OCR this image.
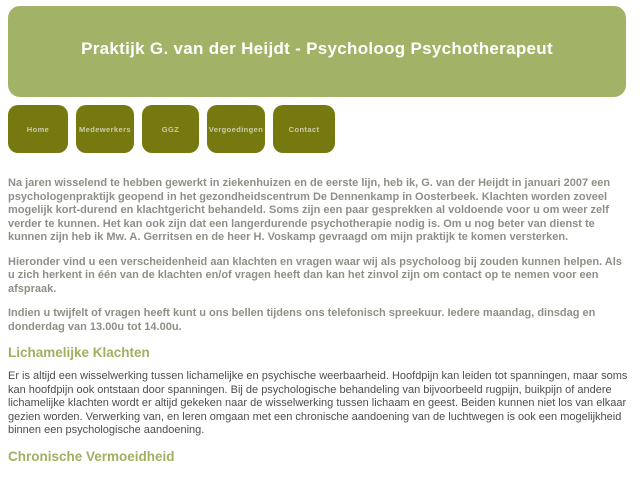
Praktijk G. van der Heijdt - Psycholoog Psychotherapeut
Home	Medewerkers	GGZ	Vergoedingen	Contact

Na jaren wisselend te hebben gewerkt in ziekenhuizen en de eerste lijn, heb ik, G. van der Heijdt in januari 2007 een psychologenpraktijk geopend in het gezondheidscentrum De Dennenkamp in Oosterbeek. Klachten worden zoveel mogelijk kort-durend en klachtgericht behandeld. Soms zijn een paar gesprekken al voldoende voor u om weer zelf verder te kunnen. Het kan ook zijn dat een langerdurende psychotherapie nodig is. Om u nog beter van dienst te kunnen zijn heb ik Mw. A. Gerritsen en de heer H. Voskamp gevraagd om mijn praktijk te komen versterken.

Hieronder vind u een verscheidenheid aan klachten en vragen waar wij als psycholoog bij zouden kunnen helpen. Als u zich herkent in één van de klachten en/of vragen heeft dan kan het zinvol zijn om contact op te nemen voor een afspraak.

Indien u twijfelt of vragen heeft kunt u ons bellen tijdens ons telefonisch spreekuur. Iedere maandag, dinsdag en donderdag van 13.00u tot 14.00u.

Lichamelijke Klachten

Er is altijd een wisselwerking tussen lichamelijke en psychische weerbaarheid. Hoofdpijn kan leiden tot spanningen, maar soms kan hoofdpijn ook ontstaan door spanningen. Bij de psychologische behandeling van bijvoorbeeld rugpijn, buikpijn of andere lichamelijke klachten wordt er altijd gekeken naar de wisselwerking tussen lichaam en geest. Beiden kunnen niet los van elkaar gezien worden. Verwerking van, en leren omgaan met een chronische aandoening van de luchtwegen is ook een mogelijkheid binnen een psychologische aandoening.

Chronische Vermoeidheid
